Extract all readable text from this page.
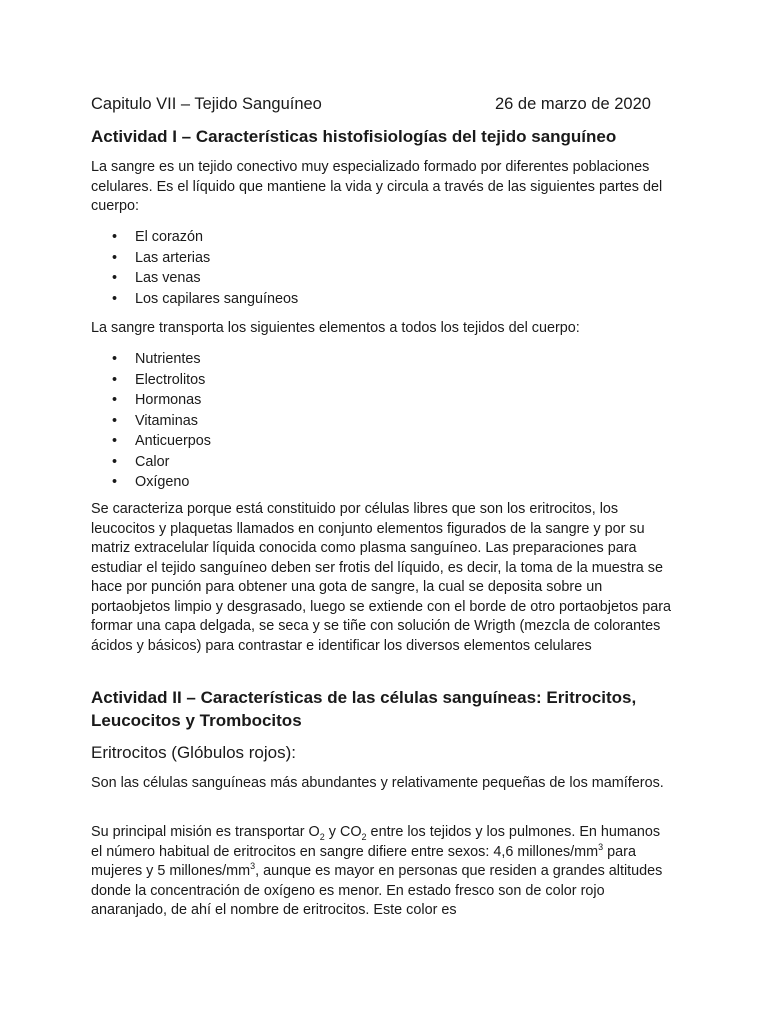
Capitulo VII – Tejido Sanguíneo	26 de marzo de 2020
Actividad I – Características histofisiologías del tejido sanguíneo
La sangre es un tejido conectivo muy especializado formado por diferentes poblaciones celulares. Es el líquido que mantiene la vida y circula a través de las siguientes partes del cuerpo:
• El corazón
• Las arterias
• Las venas
• Los capilares sanguíneos
La sangre transporta los siguientes elementos a todos los tejidos del cuerpo:
• Nutrientes
• Electrolitos
• Hormonas
• Vitaminas
• Anticuerpos
• Calor
• Oxígeno
Se caracteriza porque está constituido por células libres que son los eritrocitos, los leucocitos y plaquetas llamados en conjunto elementos figurados de la sangre y por su matriz extracelular líquida conocida como plasma sanguíneo. Las preparaciones para estudiar el tejido sanguíneo deben ser frotis del líquido, es decir, la toma de la muestra se hace por punción para obtener una gota de sangre, la cual se deposita sobre un portaobjetos limpio y desgrasado, luego se extiende con el borde de otro portaobjetos para formar una capa delgada, se seca y se tiñe con solución de Wrigth (mezcla de colorantes ácidos y básicos) para contrastar e identificar los diversos elementos celulares
Actividad II – Características de las células sanguíneas: Eritrocitos, Leucocitos y Trombocitos
Eritrocitos (Glóbulos rojos):
Son las células sanguíneas más abundantes y relativamente pequeñas de los mamíferos.
Su principal misión es transportar $O_2$ y $CO_2$ entre los tejidos y los pulmones. En humanos el número habitual de eritrocitos en sangre difiere entre sexos: 4,6 millones/$mm^3$ para mujeres y 5 millones/$mm^3$, aunque es mayor en personas que residen a grandes altitudes donde la concentración de oxígeno es menor. En estado fresco son de color rojo anaranjado, de ahí el nombre de eritrocitos. Este color es
